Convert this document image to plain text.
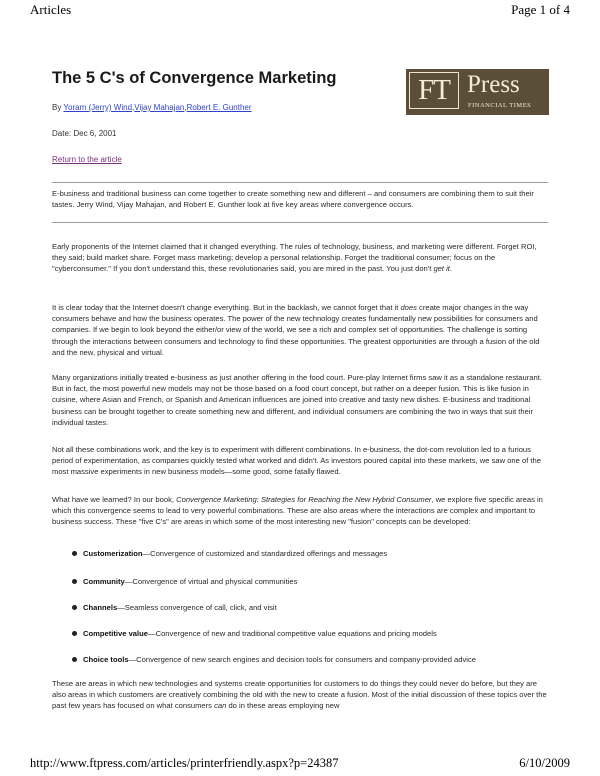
Articles	Page 1 of 4
The 5 C's of Convergence Marketing	FT Press
FINANCIAL TIMES
By Yoram (Jerry) Wind,Vijay Mahajan,Robert E. Gunther
Date: Dec 6, 2001
Return to the article

E-business and traditional business can come together to create something new and different – and consumers are combining them to suit their tastes. Jerry Wind, Vijay Mahajan, and Robert E. Gunther look at five key areas where convergence occurs.

Early proponents of the Internet claimed that it changed everything. The rules of technology, business, and marketing were different. Forget ROI, they said; build market share. Forget mass marketing; develop a personal relationship. Forget the traditional consumer; focus on the "cyberconsumer." If you don't understand this, these revolutionaries said, you are mired in the past. You just don't get it.

It is clear today that the Internet doesn't change everything. But in the backlash, we cannot forget that it does create major changes in the way consumers behave and how the business operates. The power of the new technology creates fundamentally new possibilities for consumers and companies. If we begin to look beyond the either/or view of the world, we see a rich and complex set of opportunities. The challenge is sorting through the interactions between consumers and technology to find these opportunities. The greatest opportunities are through a fusion of the old and the new, physical and virtual.

Many organizations initially treated e-business as just another offering in the food court. Pure-play Internet firms saw it as a standalone restaurant. But in fact, the most powerful new models may not be those based on a food court concept, but rather on a deeper fusion. This is like fusion in cuisine, where Asian and French, or Spanish and American influences are joined into creative and tasty new dishes. E-business and traditional business can be brought together to create something new and different, and individual consumers are combining the two in ways that suit their individual tastes.

Not all these combinations work, and the key is to experiment with different combinations. In e-business, the dot-com revolution led to a furious period of experimentation, as companies quickly tested what worked and didn't. As investors poured capital into these markets, we saw one of the most massive experiments in new business models—some good, some fatally flawed.

What have we learned? In our book, Convergence Marketing: Strategies for Reaching the New Hybrid Consumer, we explore five specific areas in which this convergence seems to lead to very powerful combinations. These are also areas where the interactions are complex and important to business success. These "five C's" are areas in which some of the most interesting new "fusion" concepts can be developed:

Customerization—Convergence of customized and standardized offerings and messages
Community—Convergence of virtual and physical communities
Channels—Seamless convergence of call, click, and visit
Competitive value—Convergence of new and traditional competitive value equations and pricing models
Choice tools—Convergence of new search engines and decision tools for consumers and company-provided advice

These are areas in which new technologies and systems create opportunities for customers to do things they could never do before, but they are also areas in which customers are creatively combining the old with the new to create a fusion. Most of the initial discussion of these topics over the past few years has focused on what consumers can do in these areas employing new

http://www.ftpress.com/articles/printerfriendly.aspx?p=24387	6/10/2009
